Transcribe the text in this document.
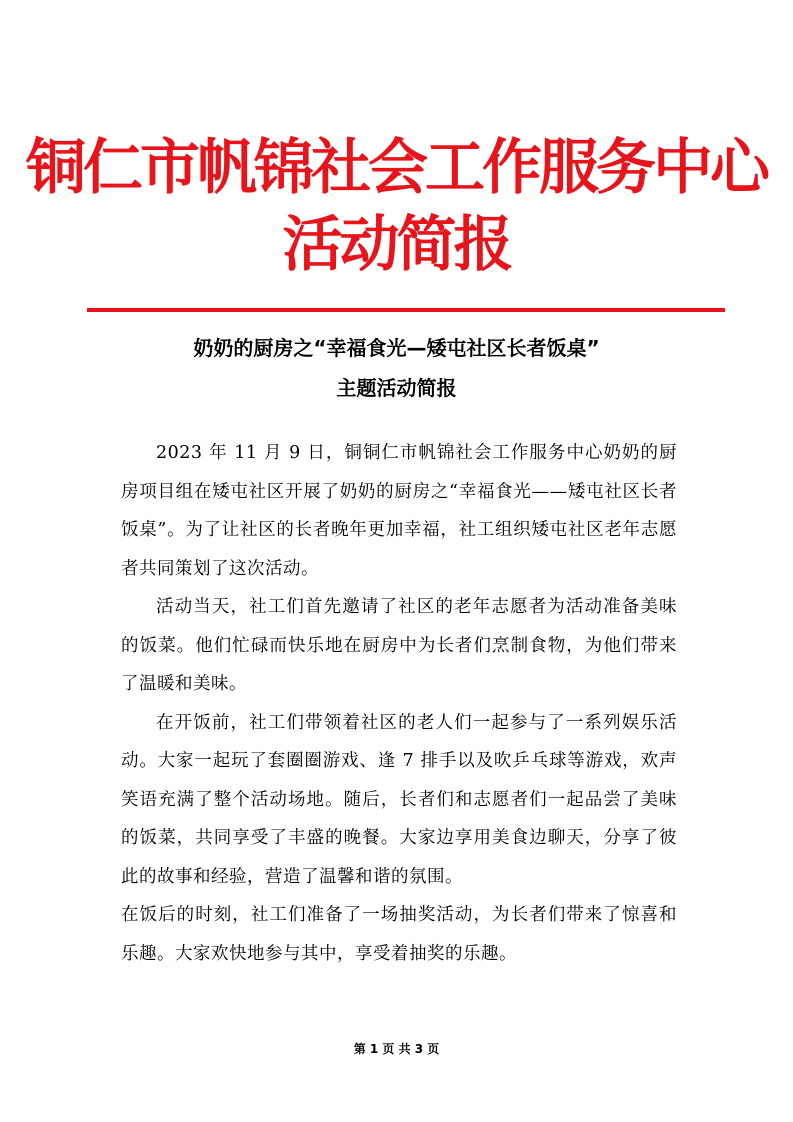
铜仁市帆锦社会工作服务中心
活动简报
奶奶的厨房之“幸福食光—矮屯社区长者饭桌”
主题活动简报

2023 年 11 月 9 日，铜铜仁市帆锦社会工作服务中心奶奶的厨房项目组在矮屯社区开展了奶奶的厨房之“幸福食光——矮屯社区长者饭桌”。为了让社区的长者晚年更加幸福，社工组织矮屯社区老年志愿者共同策划了这次活动。

活动当天，社工们首先邀请了社区的老年志愿者为活动准备美味的饭菜。他们忙碌而快乐地在厨房中为长者们烹制食物，为他们带来了温暖和美味。

在开饭前，社工们带领着社区的老人们一起参与了一系列娱乐活动。大家一起玩了套圈圈游戏、逢 7 排手以及吹乒乓球等游戏，欢声笑语充满了整个活动场地。随后，长者们和志愿者们一起品尝了美味的饭菜，共同享受了丰盛的晚餐。大家边享用美食边聊天，分享了彼此的故事和经验，营造了温馨和谐的氛围。

在饭后的时刻，社工们准备了一场抽奖活动，为长者们带来了惊喜和乐趣。大家欢快地参与其中，享受着抽奖的乐趣。

第 1 页 共 3 页
